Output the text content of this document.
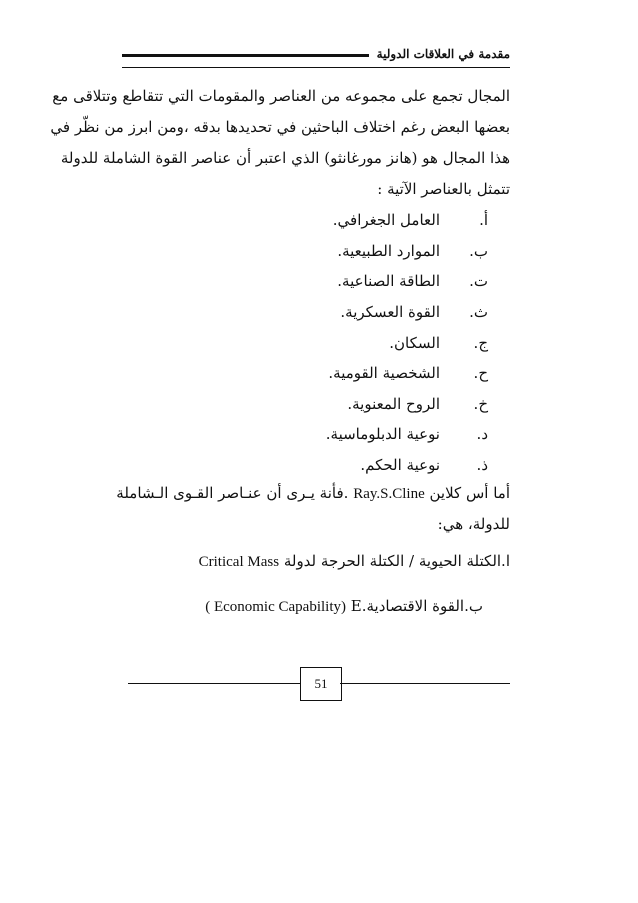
مقدمة في العلاقات الدولية
المجال تجمع على مجموعه من العناصر والمقومات التي تتقاطع وتتلاقى مع
بعضها البعض رغم اختلاف الباحثين في تحديدها بدقه ،ومن ابرز من نظّر في
هذا المجال هو (هانز مورغانثو) الذي اعتبر أن عناصر القوة الشاملة للدولة
تتمثل بالعناصر الآتية :
أ.
العامل الجغرافي.
ب.
الموارد الطبيعية.
ت.
الطاقة الصناعية.
ث.
القوة العسكرية.
ج.
السكان.
ح.
الشخصية القومية.
خ.
الروح المعنوية.
د.
نوعية الدبلوماسية.
ذ.
نوعية الحكم.
أما أس كلاين Ray.S.Cline .فأنة يـرى أن عنـاصر القـوى الـشاملة
للدولة، هي:
ا.الكتلة الحيوية / الكتلة الحرجة لدولة Critical Mass
ب.القوة الاقتصادية.E ( Economic Capability)
51
